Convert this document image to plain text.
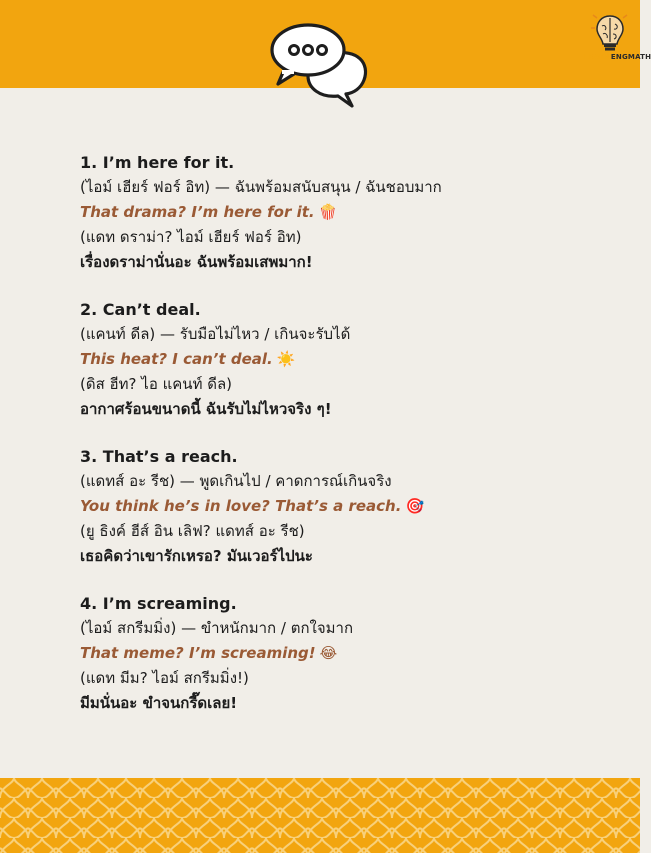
LEARNENGMATH
1. I’m here for it.
(ไอม์ เฮียร์ ฟอร์ อิท) — ฉันพร้อมสนับสนุน / ฉันชอบมาก
That drama? I’m here for it. 🍿
(แดท ดราม่า? ไอม์ เฮียร์ ฟอร์ อิท)
เรื่องดราม่านั่นอะ ฉันพร้อมเสพมาก!
2. Can’t deal.
(แคนท์ ดีล) — รับมือไม่ไหว / เกินจะรับได้
This heat? I can’t deal. ☀️
(ดิส ฮีท? ไอ แคนท์ ดีล)
อากาศร้อนขนาดนี้ ฉันรับไม่ไหวจริง ๆ!
3. That’s a reach.
(แดทส์ อะ รีช) — พูดเกินไป / คาดการณ์เกินจริง
You think he’s in love? That’s a reach. 🎯
(ยู ธิงค์ ฮีส์ อิน เลิฟ? แดทส์ อะ รีช)
เธอคิดว่าเขารักเหรอ? มันเวอร์ไปนะ
4. I’m screaming.
(ไอม์ สกรีมมิ่ง) — ขำหนักมาก / ตกใจมาก
That meme? I’m screaming! 😂
(แดท มีม? ไอม์ สกรีมมิ่ง!)
มีมนั่นอะ ขำจนกรี๊ดเลย!
